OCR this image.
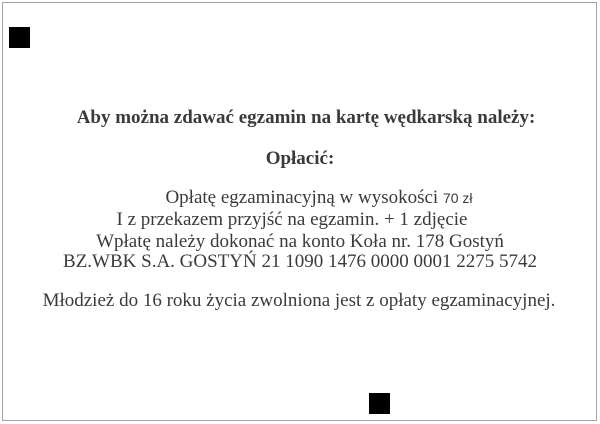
Aby można zdawać egzamin na kartę wędkarską należy:
Opłacić:
Opłatę egzaminacyjną w wysokości 70 zł
I z przekazem przyjść na egzamin. + 1 zdjęcie
Wpłatę należy dokonać na konto Koła nr. 178 Gostyń
BZ.WBK S.A. GOSTYŃ 21 1090 1476 0000 0001 2275 5742
Młodzież do 16 roku życia zwolniona jest z opłaty egzaminacyjnej.
